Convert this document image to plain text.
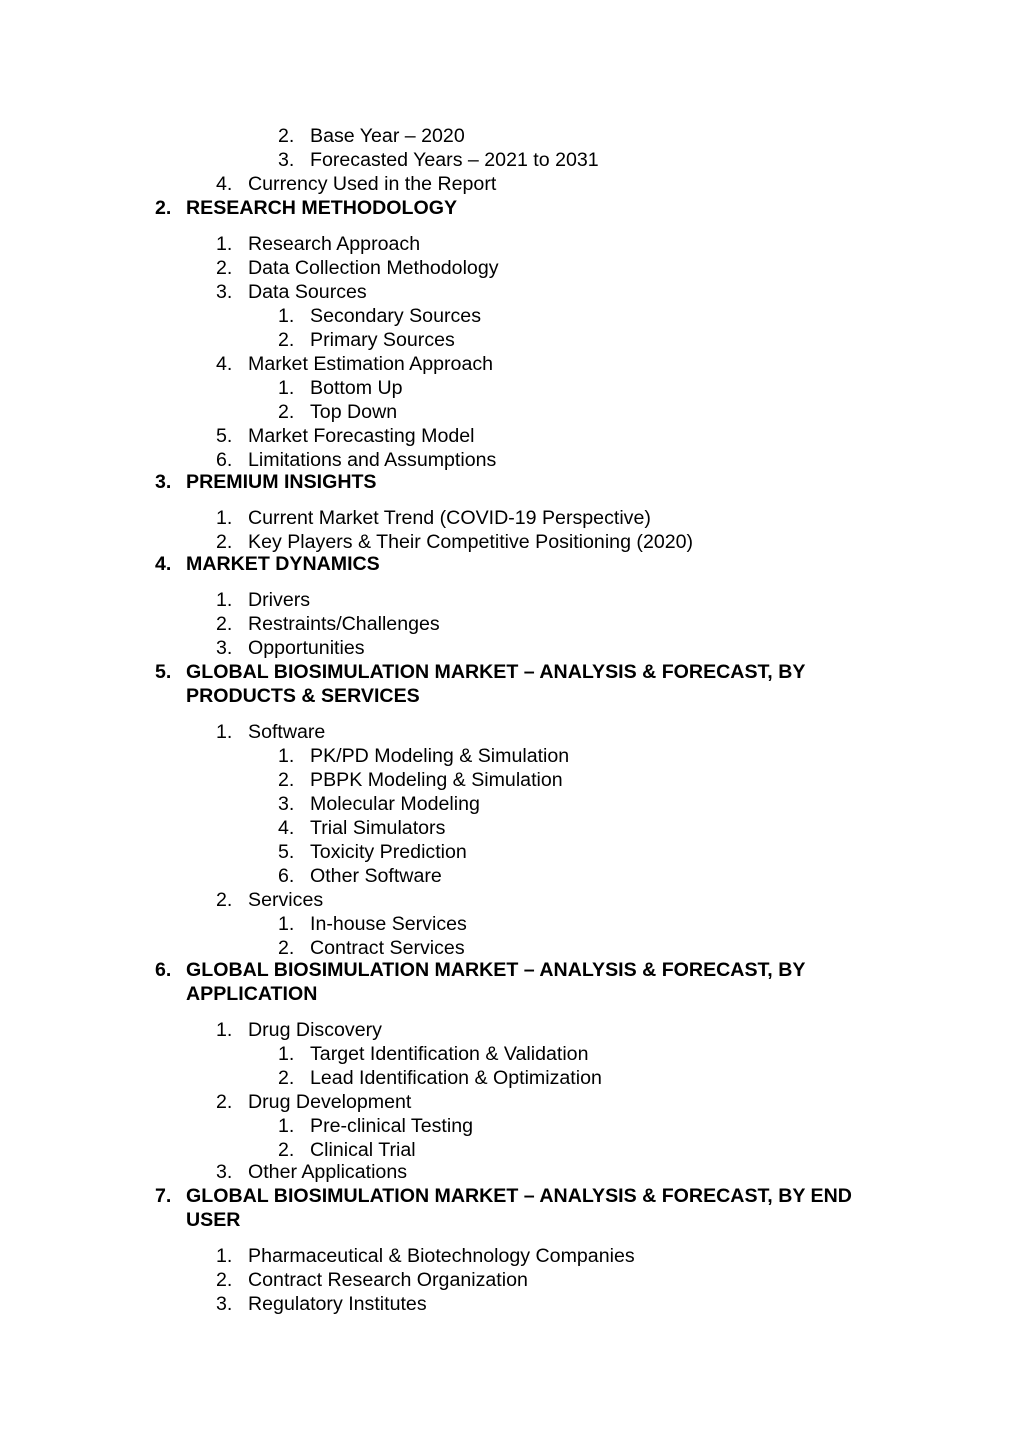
2. Base Year – 2020
3. Forecasted Years – 2021 to 2031
4. Currency Used in the Report
2. RESEARCH METHODOLOGY
1. Research Approach
2. Data Collection Methodology
3. Data Sources
1. Secondary Sources
2. Primary Sources
4. Market Estimation Approach
1. Bottom Up
2. Top Down
5. Market Forecasting Model
6. Limitations and Assumptions
3. PREMIUM INSIGHTS
1. Current Market Trend (COVID-19 Perspective)
2. Key Players & Their Competitive Positioning (2020)
4. MARKET DYNAMICS
1. Drivers
2. Restraints/Challenges
3. Opportunities
5. GLOBAL BIOSIMULATION MARKET – ANALYSIS & FORECAST, BY
PRODUCTS & SERVICES
1. Software
1. PK/PD Modeling & Simulation
2. PBPK Modeling & Simulation
3. Molecular Modeling
4. Trial Simulators
5. Toxicity Prediction
6. Other Software
2. Services
1. In-house Services
2. Contract Services
6. GLOBAL BIOSIMULATION MARKET – ANALYSIS & FORECAST, BY
APPLICATION
1. Drug Discovery
1. Target Identification & Validation
2. Lead Identification & Optimization
2. Drug Development
1. Pre-clinical Testing
2. Clinical Trial
3. Other Applications
7. GLOBAL BIOSIMULATION MARKET – ANALYSIS & FORECAST, BY END
USER
1. Pharmaceutical & Biotechnology Companies
2. Contract Research Organization
3. Regulatory Institutes
